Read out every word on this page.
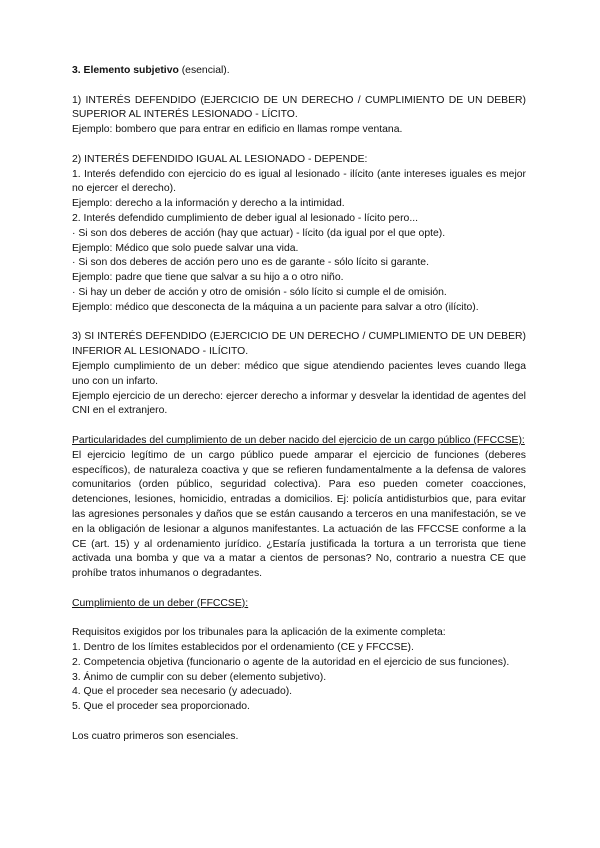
3. Elemento subjetivo (esencial).

1) INTERÉS DEFENDIDO (EJERCICIO DE UN DERECHO / CUMPLIMIENTO DE UN DEBER) SUPERIOR AL INTERÉS LESIONADO - LÍCITO.

Ejemplo: bombero que para entrar en edificio en llamas rompe ventana.

2) INTERÉS DEFENDIDO IGUAL AL LESIONADO - DEPENDE:

1. Interés defendido con ejercicio do es igual al lesionado - ilícito (ante intereses iguales es mejor no ejercer el derecho).

Ejemplo: derecho a la información y derecho a la intimidad.

2. Interés defendido cumplimiento de deber igual al lesionado - lícito pero...

· Si son dos deberes de acción (hay que actuar) - lícito (da igual por el que opte).

Ejemplo: Médico que solo puede salvar una vida.

· Si son dos deberes de acción pero uno es de garante - sólo lícito si garante.

Ejemplo: padre que tiene que salvar a su hijo a o otro niño.

· Si hay un deber de acción y otro de omisión - sólo lícito si cumple el de omisión.

Ejemplo: médico que desconecta de la máquina a un paciente para salvar a otro (ilícito).

3) SI INTERÉS DEFENDIDO (EJERCICIO DE UN DERECHO / CUMPLIMIENTO DE UN DEBER) INFERIOR AL LESIONADO - ILÍCITO.

Ejemplo cumplimiento de un deber: médico que sigue atendiendo pacientes leves cuando llega uno con un infarto.

Ejemplo ejercicio de un derecho: ejercer derecho a informar y desvelar la identidad de agentes del CNI en el extranjero.

Particularidades del cumplimiento de un deber nacido del ejercicio de un cargo público (FFCCSE):

El ejercicio legítimo de un cargo público puede amparar el ejercicio de funciones (deberes específicos), de naturaleza coactiva y que se refieren fundamentalmente a la defensa de valores comunitarios (orden público, seguridad colectiva). Para eso pueden cometer coacciones, detenciones, lesiones, homicidio, entradas a domicilios. Ej: policía antidisturbios que, para evitar las agresiones personales y daños que se están causando a terceros en una manifestación, se ve en la obligación de lesionar a algunos manifestantes. La actuación de las FFCCSE conforme a la CE (art. 15) y al ordenamiento jurídico. ¿Estaría justificada la tortura a un terrorista que tiene activada una bomba y que va a matar a cientos de personas? No, contrario a nuestra CE que prohíbe tratos inhumanos o degradantes.

Cumplimiento de un deber (FFCCSE):

Requisitos exigidos por los tribunales para la aplicación de la eximente completa:

1. Dentro de los límites establecidos por el ordenamiento (CE y FFCCSE).

2. Competencia objetiva (funcionario o agente de la autoridad en el ejercicio de sus funciones).

3. Ánimo de cumplir con su deber (elemento subjetivo).

4. Que el proceder sea necesario (y adecuado).

5. Que el proceder sea proporcionado.

Los cuatro primeros son esenciales.
